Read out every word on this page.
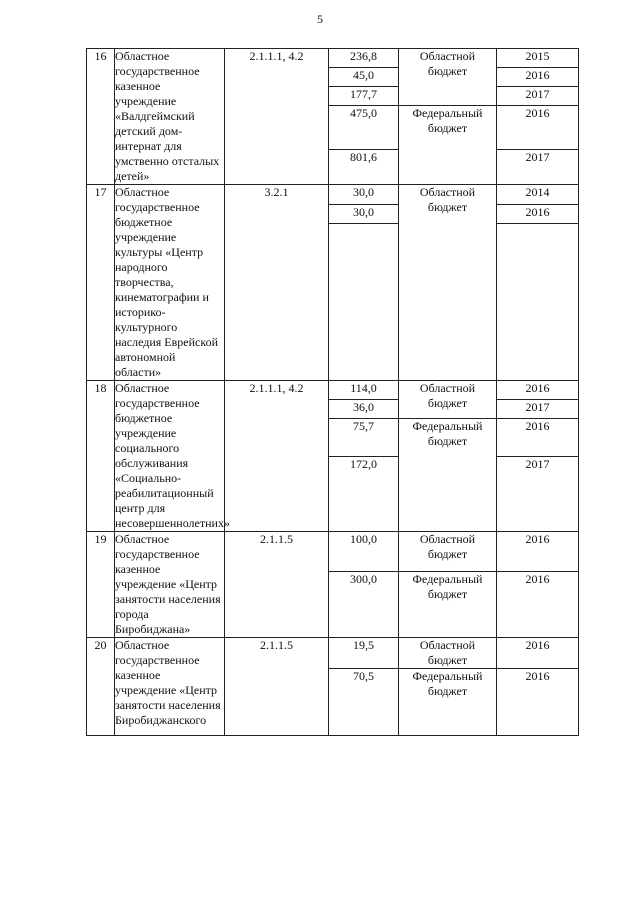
5
16	Областное государственное казенное учреждение «Валдгеймский детский дом-интернат для умственно отсталых детей»	2.1.1.1, 4.2	236,8	Областной бюджет	2015
			45,0		2016
			177,7		2017
			475,0	Федеральный бюджет	2016
			801,6		2017
17	Областное государственное бюджетное учреждение культуры «Центр народного творчества, кинематографии и историко-культурного наследия Еврейской автономной области»	3.2.1	30,0	Областной бюджет	2014
			30,0		2016

18	Областное государственное бюджетное учреждение социального обслуживания «Социально-реабилитационный центр для несовершеннолетних»	2.1.1.1, 4.2	114,0	Областной бюджет	2016
			36,0		2017
			75,7	Федеральный бюджет	2016
			172,0		2017
19	Областное государственное казенное учреждение «Центр занятости населения города Биробиджана»	2.1.1.5	100,0	Областной бюджет	2016
			300,0	Федеральный бюджет	2016
20	Областное государственное казенное учреждение «Центр занятости населения Биробиджанского	2.1.1.5	19,5	Областной бюджет	2016
			70,5	Федеральный бюджет	2016
